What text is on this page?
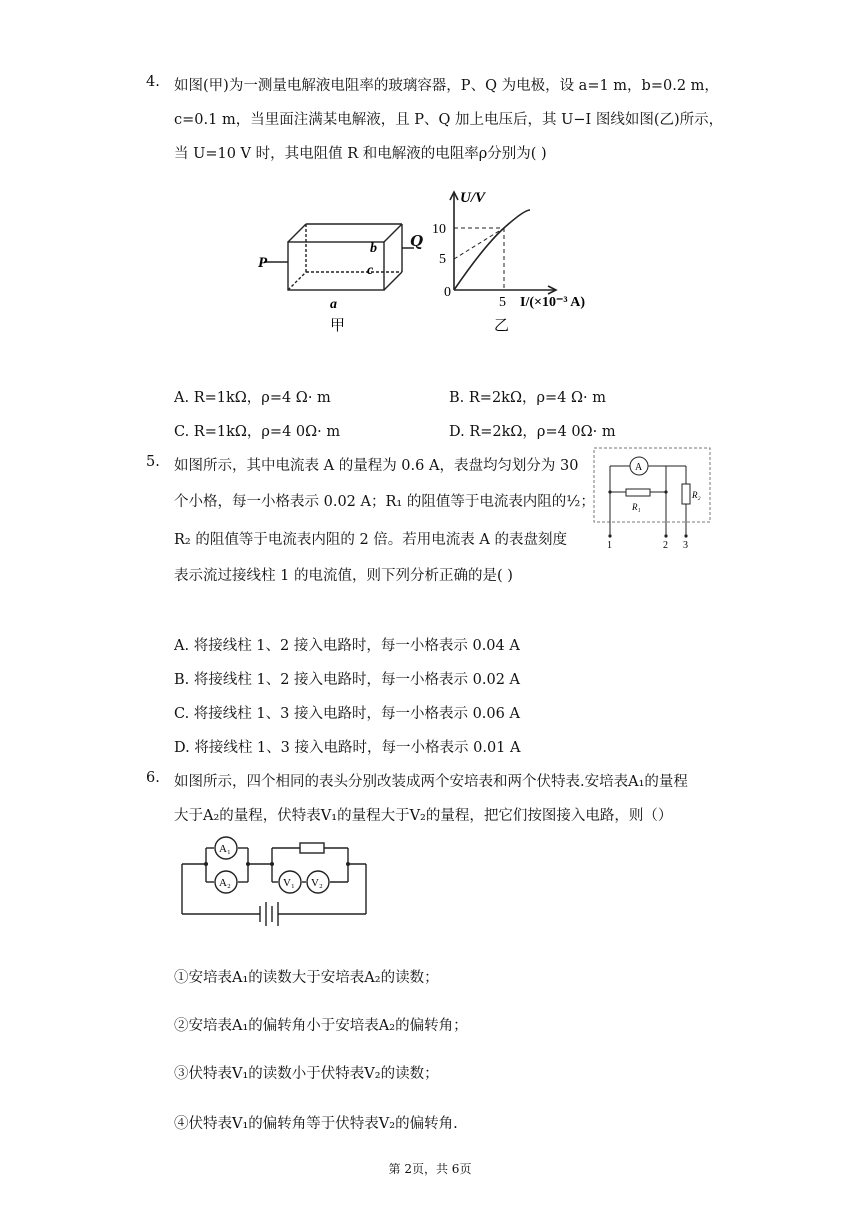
4. 如图(甲)为一测量电解液电阻率的玻璃容器，P、Q 为电极，设 a=1 m，b=0.2 m，
c=0.1 m，当里面注满某电解液，且 P、Q 加上电压后，其 U−I 图线如图(乙)所示，
当 U=10 V 时，其电阻值 R 和电解液的电阻率ρ分别为( )
P
b
c
a
甲
Q
U/V
10
5
0
5 I/(×10⁻³ A)
乙
A. R=1kΩ，ρ=4 Ω· m	B. R=2kΩ，ρ=4 Ω· m
C. R=1kΩ，ρ=4 0Ω· m	D. R=2kΩ，ρ=4 0Ω· m
5. 如图所示，其中电流表 A 的量程为 0.6 A，表盘均匀划分为 30
个小格，每一小格表示 0.02 A；R₁ 的阻值等于电流表内阻的½；
R₂ 的阻值等于电流表内阻的 2 倍。若用电流表 A 的表盘刻度
表示流过接线柱 1 的电流值，则下列分析正确的是( )
A
R₁
R₂
1	2 3
A. 将接线柱 1、2 接入电路时，每一小格表示 0.04 A
B. 将接线柱 1、2 接入电路时，每一小格表示 0.02 A
C. 将接线柱 1、3 接入电路时，每一小格表示 0.06 A
D. 将接线柱 1、3 接入电路时，每一小格表示 0.01 A
6. 如图所示，四个相同的表头分别改装成两个安培表和两个伏特表.安培表A₁的量程
大于A₂的量程，伏特表V₁的量程大于V₂的量程，把它们按图接入电路，则（）
A₁
A₂	V₁ V₂
①安培表A₁的读数大于安培表A₂的读数；
②安培表A₁的偏转角小于安培表A₂的偏转角；
③伏特表V₁的读数小于伏特表V₂的读数；
④伏特表V₁的偏转角等于伏特表V₂的偏转角.
第 2页，共 6页
